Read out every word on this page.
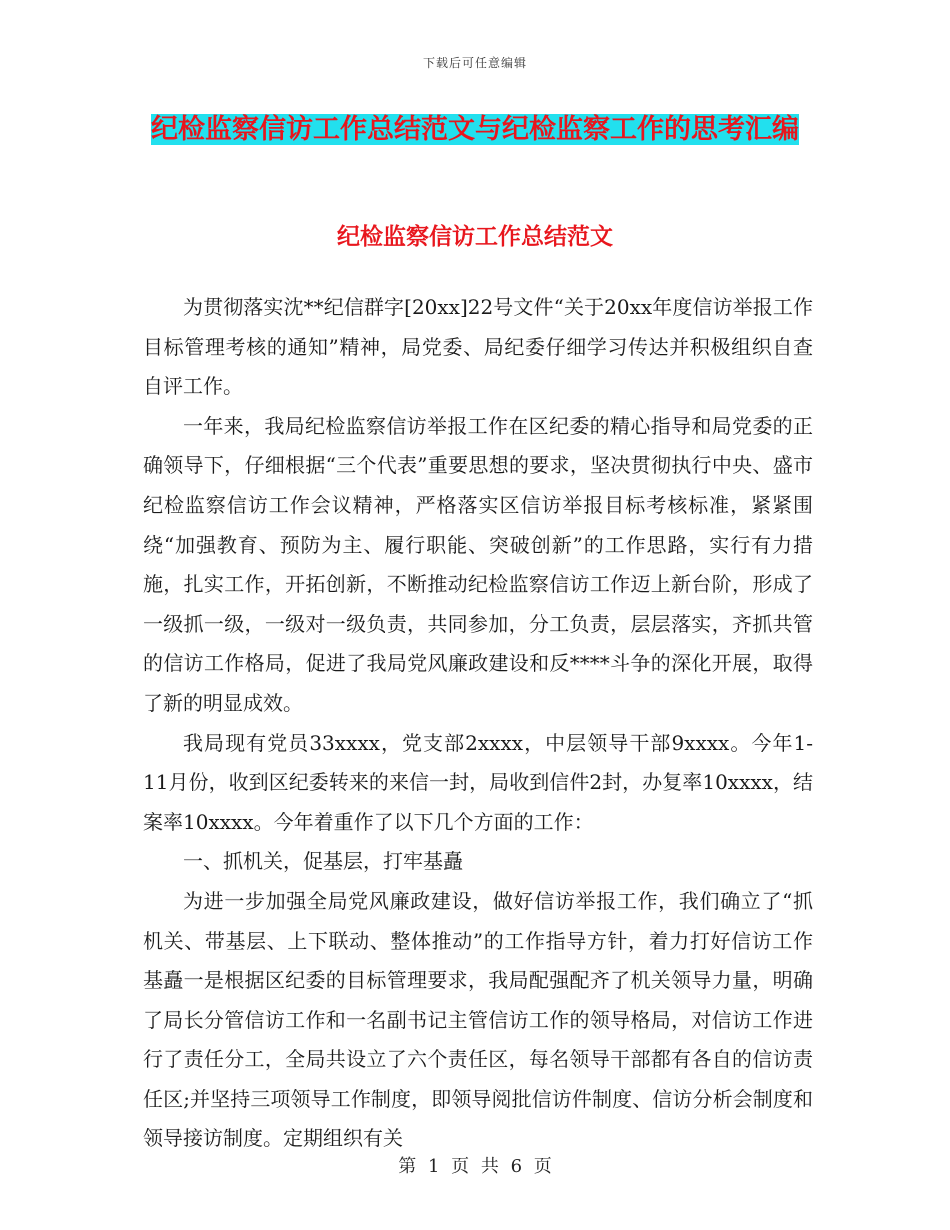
下载后可任意编辑
纪检监察信访工作总结范文与纪检监察工作的思考汇编
纪检监察信访工作总结范文

为贯彻落实沈**纪信群字[20xx]22号文件“关于20xx年度信访举报工作目标管理考核的通知”精神，局党委、局纪委仔细学习传达并积极组织自查自评工作。

一年来，我局纪检监察信访举报工作在区纪委的精心指导和局党委的正确领导下，仔细根据“三个代表”重要思想的要求，坚决贯彻执行中央、盛市纪检监察信访工作会议精神，严格落实区信访举报目标考核标准，紧紧围绕“加强教育、预防为主、履行职能、突破创新”的工作思路，实行有力措施，扎实工作，开拓创新，不断推动纪检监察信访工作迈上新台阶，形成了一级抓一级，一级对一级负责，共同参加，分工负责，层层落实，齐抓共管的信访工作格局，促进了我局党风廉政建设和反****斗争的深化开展，取得了新的明显成效。

我局现有党员33xxxx，党支部2xxxx，中层领导干部9xxxx。今年1-11月份，收到区纪委转来的来信一封，局收到信件2封，办复率10xxxx，结案率10xxxx。今年着重作了以下几个方面的工作：

一、抓机关，促基层，打牢基矗

为进一步加强全局党风廉政建设，做好信访举报工作，我们确立了“抓机关、带基层、上下联动、整体推动”的工作指导方针，着力打好信访工作基矗一是根据区纪委的目标管理要求，我局配强配齐了机关领导力量，明确了局长分管信访工作和一名副书记主管信访工作的领导格局，对信访工作进行了责任分工，全局共设立了六个责任区，每名领导干部都有各自的信访责任区;并坚持三项领导工作制度，即领导阅批信访件制度、信访分析会制度和领导接访制度。定期组织有关

第 1 页 共 6 页
